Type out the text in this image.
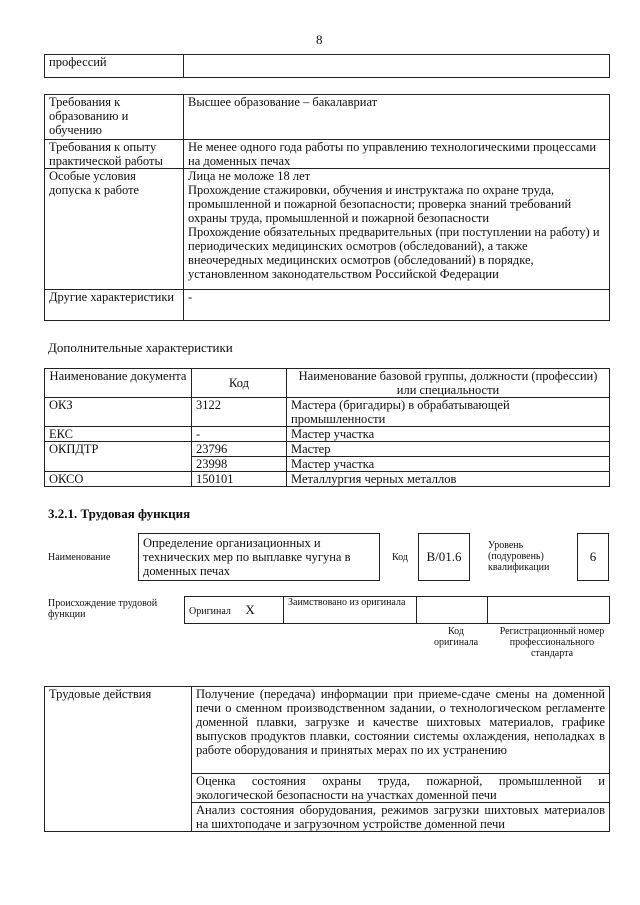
8
профессий	
Требования к образованию и обучению	Высшее образование – бакалавриат
Требования к опыту практической работы	Не менее одного года работы по управлению технологическими процессами на доменных печах
Особые условия допуска к работе	Лица не моложе 18 лет
Прохождение стажировки, обучения и инструктажа по охране труда, промышленной и пожарной безопасности; проверка знаний требований охраны труда, промышленной и пожарной безопасности
Прохождение обязательных предварительных (при поступлении на работу) и периодических медицинских осмотров (обследований), а также внеочередных медицинских осмотров (обследований) в порядке, установленном законодательством Российской Федерации

Другие характеристики	-
Дополнительные характеристики
Наименование документа	Код	Наименование базовой группы, должности (профессии) или специальности
ОКЗ	3122	Мастера (бригадиры) в обрабатывающей промышленности
ЕКС	-	Мастер участка
ОКПДТР	23796	Мастер
	23998	Мастер участка
ОКСО	150101	Металлургия черных металлов
3.2.1. Трудовая функция
Наименование
Определение организационных и технических мер по выплавке чугуна в доменных печах
Код B/01.6
Уровень (подуровень) квалификации
6
Происхождение трудовой функции	Оригинал X	Заимствовано из оригинала		
Код оригинала
Регистрационный номер профессионального стандарта
Трудовые действия	Получение (передача) информации при приеме-сдаче смены на доменной печи о сменном производственном задании, о технологическом регламенте доменной плавки, загрузке и качестве шихтовых материалов, графике выпусков продуктов плавки, состоянии системы охлаждения, неполадках в работе оборудования и принятых мерах по их устранению
Оценка состояния охраны труда, пожарной, промышленной и экологической безопасности на участках доменной печи
Анализ состояния оборудования, режимов загрузки шихтовых материалов на шихтоподаче и загрузочном устройстве доменной печи
